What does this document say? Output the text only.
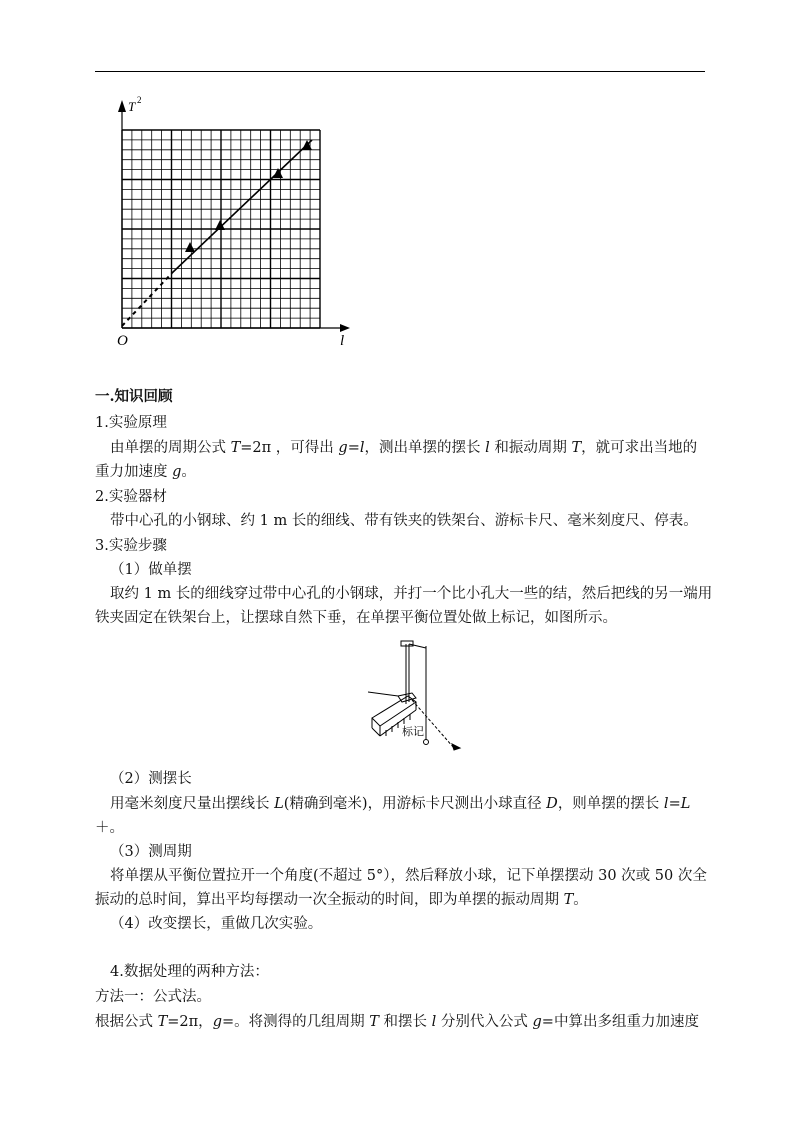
T 2
l
O
一.知识回顾
1.实验原理
由单摆的周期公式 T=2π ，可得出 g=l，测出单摆的摆长 l 和振动周期 T，就可求出当地的
重力加速度 g。
2.实验器材
带中心孔的小钢球、约 1 m 长的细线、带有铁夹的铁架台、游标卡尺、毫米刻度尺、停表。
3.实验步骤
（1）做单摆
取约 1 m 长的细线穿过带中心孔的小钢球，并打一个比小孔大一些的结，然后把线的另一端用
铁夹固定在铁架台上，让摆球自然下垂，在单摆平衡位置处做上标记，如图所示。
标记
（2）测摆长
用毫米刻度尺量出摆线长 L(精确到毫米)，用游标卡尺测出小球直径 D，则单摆的摆长 l=L
＋。
（3）测周期
将单摆从平衡位置拉开一个角度(不超过 5°），然后释放小球，记下单摆摆动 30 次或 50 次全
振动的总时间，算出平均每摆动一次全振动的时间，即为单摆的振动周期 T。
（4）改变摆长，重做几次实验。
4.数据处理的两种方法：
方法一：公式法。
根据公式 T=2π，g=。将测得的几组周期 T 和摆长 l 分别代入公式 g=中算出多组重力加速度
